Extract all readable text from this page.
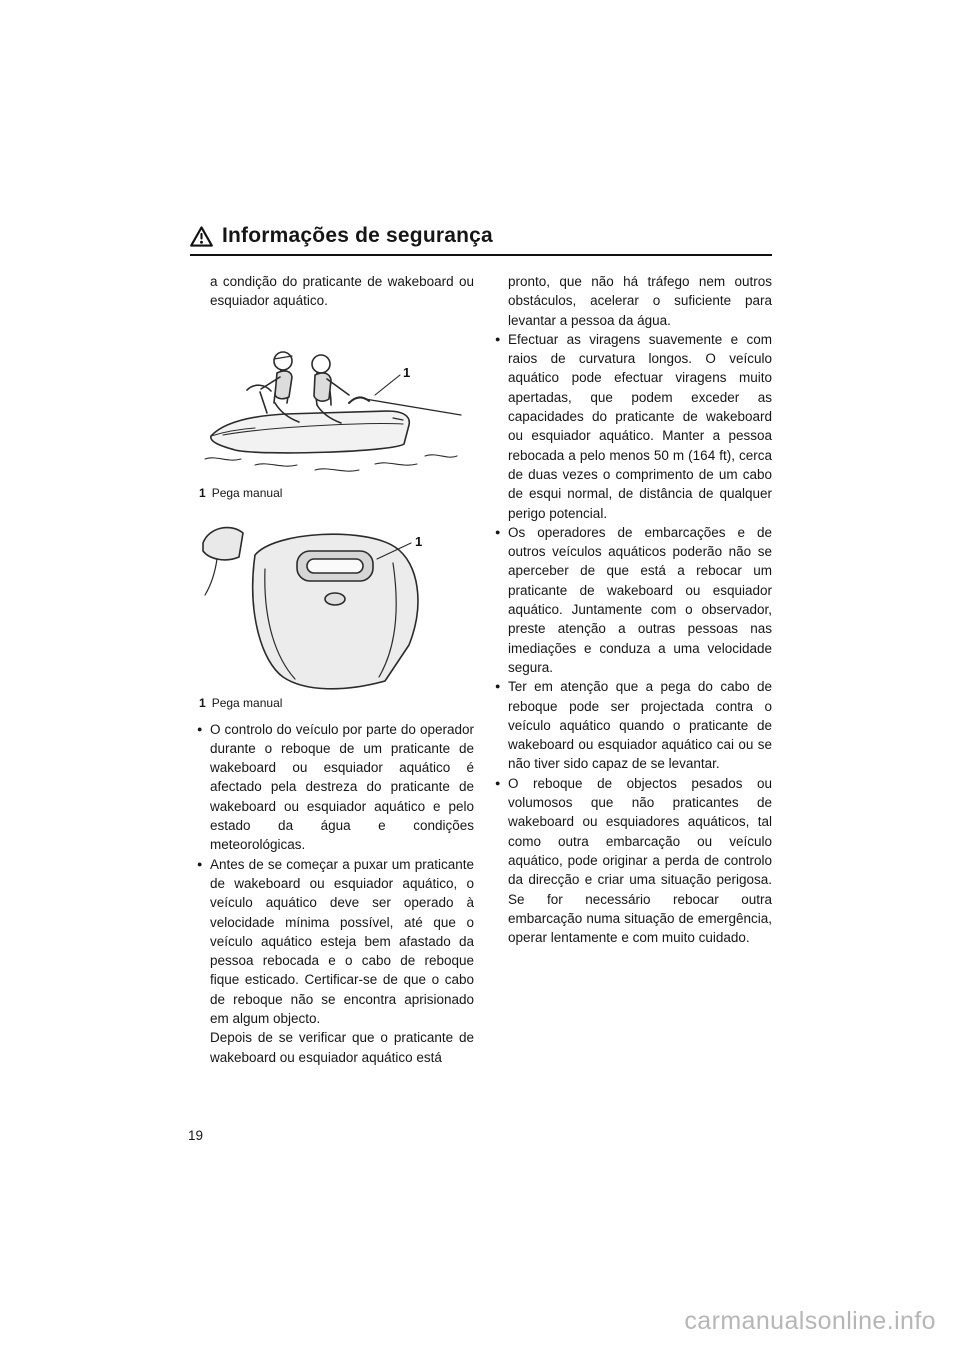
Informações de segurança

a condição do praticante de wakeboard ou esquiador aquático.

1
1 Pega manual
1
1 Pega manual
● O controlo do veículo por parte do operador durante o reboque de um praticante de wakeboard ou esquiador aquático é afectado pela destreza do praticante de wakeboard ou esquiador aquático e pelo estado da água e condições meteorológicas.

● Antes de se começar a puxar um praticante de wakeboard ou esquiador aquático, o veículo aquático deve ser operado à velocidade mínima possível, até que o veículo aquático esteja bem afastado da pessoa rebocada e o cabo de reboque fique esticado. Certificar-se de que o cabo de reboque não se encontra aprisionado em algum objecto.

Depois de se verificar que o praticante de wakeboard ou esquiador aquático está

pronto, que não há tráfego nem outros obstáculos, acelerar o suficiente para levantar a pessoa da água.

● Efectuar as viragens suavemente e com raios de curvatura longos. O veículo aquático pode efectuar viragens muito apertadas, que podem exceder as capacidades do praticante de wakeboard ou esquiador aquático. Manter a pessoa rebocada a pelo menos 50 m (164 ft), cerca de duas vezes o comprimento de um cabo de esqui normal, de distância de qualquer perigo potencial.

● Os operadores de embarcações e de outros veículos aquáticos poderão não se aperceber de que está a rebocar um praticante de wakeboard ou esquiador aquático. Juntamente com o observador, preste atenção a outras pessoas nas imediações e conduza a uma velocidade segura.

● Ter em atenção que a pega do cabo de reboque pode ser projectada contra o veículo aquático quando o praticante de wakeboard ou esquiador aquático cai ou se não tiver sido capaz de se levantar.

● O reboque de objectos pesados ou volumosos que não praticantes de wakeboard ou esquiadores aquáticos, tal como outra embarcação ou veículo aquático, pode originar a perda de controlo da direcção e criar uma situação perigosa. Se for necessário rebocar outra embarcação numa situação de emergência, operar lentamente e com muito cuidado.

19
carmanualsonline.info
